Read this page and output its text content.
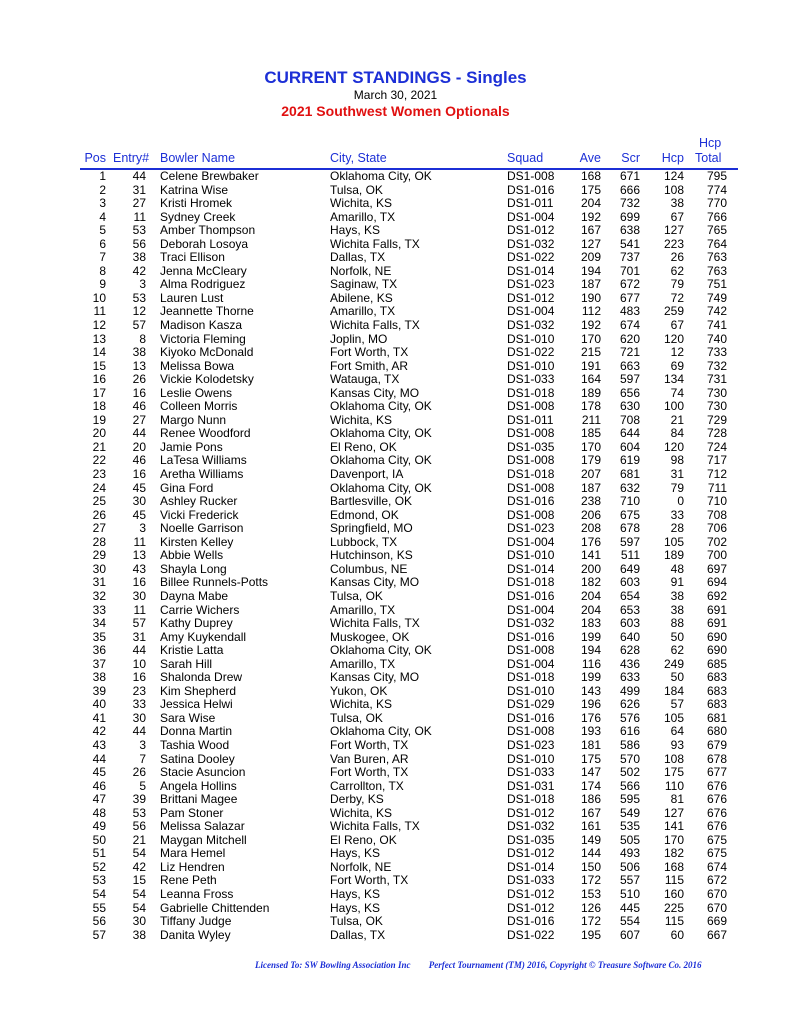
CURRENT STANDINGS - Singles
March 30, 2021
2021 Southwest Women Optionals
Pos Entry# Bowler Name	City, State	Squad	Ave	Scr	Hcp
Hcp
Total
1	44 Celene Brewbaker	Oklahoma City, OK	DS1-008	168	671	124	795
2	31 Katrina Wise	Tulsa, OK	DS1-016	175	666	108	774
3	27 Kristi Hromek	Wichita, KS	DS1-011	204	732	38	770
4	11 Sydney Creek	Amarillo, TX	DS1-004	192	699	67	766
5	53 Amber Thompson	Hays, KS	DS1-012	167	638	127	765
6	56 Deborah Losoya	Wichita Falls, TX	DS1-032	127	541	223	764
7	38 Traci Ellison	Dallas, TX	DS1-022	209	737	26	763
8	42 Jenna McCleary	Norfolk, NE	DS1-014	194	701	62	763
9	3 Alma Rodriguez	Saginaw, TX	DS1-023	187	672	79	751
10	53 Lauren Lust	Abilene, KS	DS1-012	190	677	72	749
11	12 Jeannette Thorne	Amarillo, TX	DS1-004	112	483	259	742
12	57 Madison Kasza	Wichita Falls, TX	DS1-032	192	674	67	741
13	8 Victoria Fleming	Joplin, MO	DS1-010	170	620	120	740
14	38 Kiyoko McDonald	Fort Worth, TX	DS1-022	215	721	12	733
15	13 Melissa Bowa	Fort Smith, AR	DS1-010	191	663	69	732
16	26 Vickie Kolodetsky	Watauga, TX	DS1-033	164	597	134	731
17	16 Leslie Owens	Kansas City, MO	DS1-018	189	656	74	730
18	46 Colleen Morris	Oklahoma City, OK	DS1-008	178	630	100	730
19	27 Margo Nunn	Wichita, KS	DS1-011	211	708	21	729
20	44 Renee Woodford	Oklahoma City, OK	DS1-008	185	644	84	728
21	20 Jamie Pons	El Reno, OK	DS1-035	170	604	120	724
22	46 LaTesa Williams	Oklahoma City, OK	DS1-008	179	619	98	717
23	16 Aretha Williams	Davenport, IA	DS1-018	207	681	31	712
24	45 Gina Ford	Oklahoma City, OK	DS1-008	187	632	79	711
25	30 Ashley Rucker	Bartlesville, OK	DS1-016	238	710	0	710
26	45 Vicki Frederick	Edmond, OK	DS1-008	206	675	33	708
27	3 Noelle Garrison	Springfield, MO	DS1-023	208	678	28	706
28	11 Kirsten Kelley	Lubbock, TX	DS1-004	176	597	105	702
29	13 Abbie Wells	Hutchinson, KS	DS1-010	141	511	189	700
30	43 Shayla Long	Columbus, NE	DS1-014	200	649	48	697
31	16 Billee Runnels-Potts	Kansas City, MO	DS1-018	182	603	91	694
32	30 Dayna Mabe	Tulsa, OK	DS1-016	204	654	38	692
33	11 Carrie Wichers	Amarillo, TX	DS1-004	204	653	38	691
34	57 Kathy Duprey	Wichita Falls, TX	DS1-032	183	603	88	691
35	31 Amy Kuykendall	Muskogee, OK	DS1-016	199	640	50	690
36	44 Kristie Latta	Oklahoma City, OK	DS1-008	194	628	62	690
37	10 Sarah Hill	Amarillo, TX	DS1-004	116	436	249	685
38	16 Shalonda Drew	Kansas City, MO	DS1-018	199	633	50	683
39	23 Kim Shepherd	Yukon, OK	DS1-010	143	499	184	683
40	33 Jessica Helwi	Wichita, KS	DS1-029	196	626	57	683
41	30 Sara Wise	Tulsa, OK	DS1-016	176	576	105	681
42	44 Donna Martin	Oklahoma City, OK	DS1-008	193	616	64	680
43	3 Tashia Wood	Fort Worth, TX	DS1-023	181	586	93	679
44	7 Satina Dooley	Van Buren, AR	DS1-010	175	570	108	678
45	26 Stacie Asuncion	Fort Worth, TX	DS1-033	147	502	175	677
46	5 Angela Hollins	Carrollton, TX	DS1-031	174	566	110	676
47	39 Brittani Magee	Derby, KS	DS1-018	186	595	81	676
48	53 Pam Stoner	Wichita, KS	DS1-012	167	549	127	676
49	56 Melissa Salazar	Wichita Falls, TX	DS1-032	161	535	141	676
50	21 Maygan Mitchell	El Reno, OK	DS1-035	149	505	170	675
51	54 Mara Hemel	Hays, KS	DS1-012	144	493	182	675
52	42 Liz Hendren	Norfolk, NE	DS1-014	150	506	168	674
53	15 Rene Peth	Fort Worth, TX	DS1-033	172	557	115	672
54	54 Leanna Fross	Hays, KS	DS1-012	153	510	160	670
55	54 Gabrielle Chittenden	Hays, KS	DS1-012	126	445	225	670
56	30 Tiffany Judge	Tulsa, OK	DS1-016	172	554	115	669
57	38 Danita Wyley	Dallas, TX	DS1-022	195	607	60	667
Licensed To: SW Bowling Association Inc Perfect Tournament (TM) 2016, Copyright © Treasure Software Co. 2016
